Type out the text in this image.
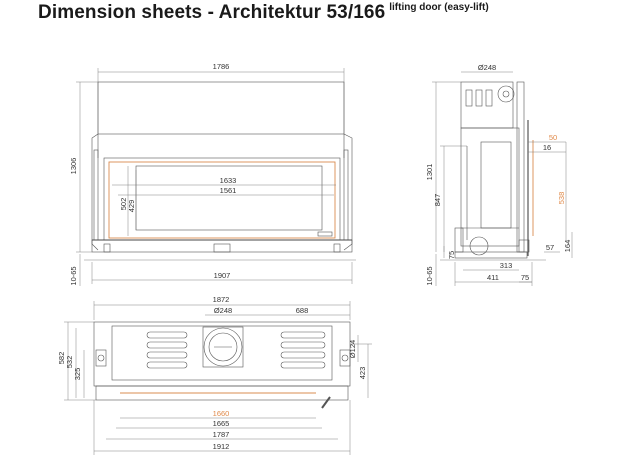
Dimension sheets - Architektur 53/166 $^{lifting door (easy-lift)}$
1786
1633
1561
502 429
1306
10-65	1907
Ø248
1301
847
75
10-65
50
16
538
57 164
313
411	75
1872
Ø248	688
582 532
325
Ø124
423
1660
1665
1787
1912
